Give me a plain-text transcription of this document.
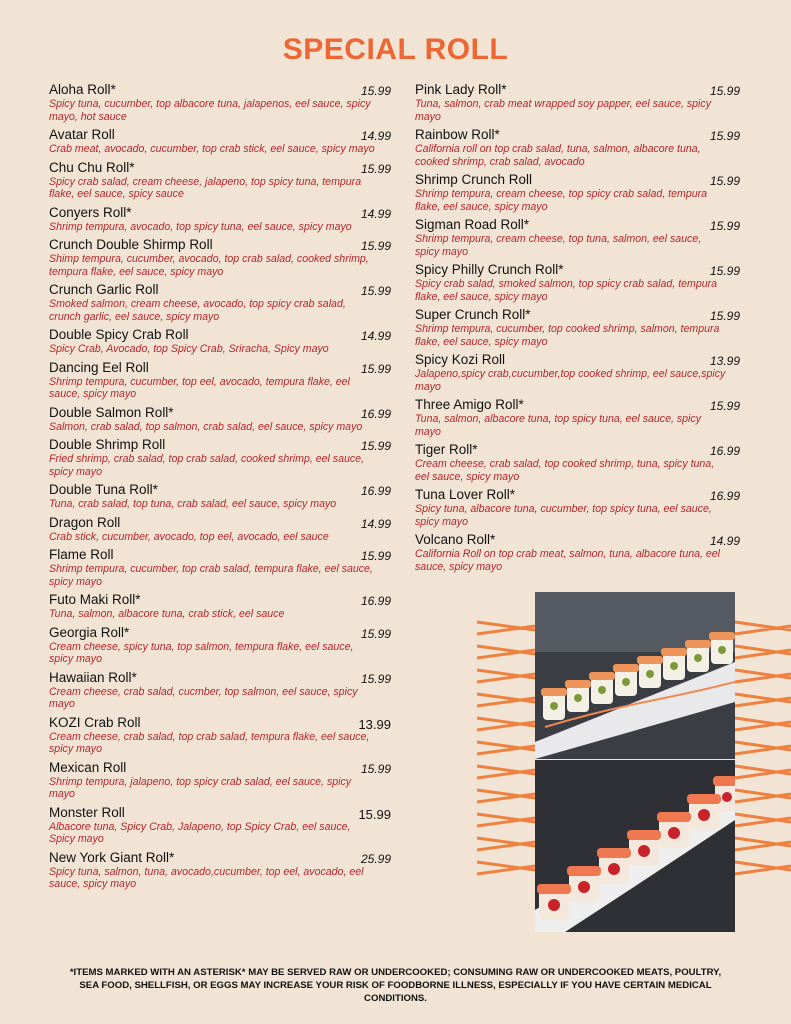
SPECIAL ROLL
Aloha Roll*	15.99
Spicy tuna, cucumber, top albacore tuna, jalapenos, eel sauce, spicy mayo, hot sauce
Avatar Roll	14.99
Crab meat, avocado, cucumber, top crab stick, eel sauce, spicy mayo
Chu Chu Roll*	15.99
Spicy crab salad, cream cheese, jalapeno, top spicy tuna, tempura flake, eel sauce, spicy sauce
Conyers Roll*	14.99
Shrimp tempura, avocado, top spicy tuna, eel sauce, spicy mayo
Crunch Double Shirmp Roll	15.99
Shimp tempura, cucumber, avocado, top crab salad, cooked shrimp, tempura flake, eel sauce, spicy mayo
Crunch Garlic Roll	15.99
Smoked salmon, cream cheese, avocado, top spicy crab salad, crunch garlic, eel sauce, spicy mayo
Double Spicy Crab Roll	14.99
Spicy Crab, Avocado, top Spicy Crab, Sriracha, Spicy mayo
Dancing Eel Roll	15.99
Shrimp tempura, cucumber, top eel, avocado, tempura flake, eel sauce, spicy mayo
Double Salmon Roll*	16.99
Salmon, crab salad, top salmon, crab salad, eel sauce, spicy mayo
Double Shrimp Roll	15.99
Fried shrimp, crab salad, top crab salad, cooked shrimp, eel sauce, spicy mayo
Double Tuna Roll*	16.99
Tuna, crab salad, top tuna, crab salad, eel sauce, spicy mayo
Dragon Roll	14.99
Crab stick, cucumber, avocado, top eel, avocado, eel sauce
Flame Roll	15.99
Shrimp tempura, cucumber, top crab salad, tempura flake, eel sauce, spicy mayo
Futo Maki Roll*	16.99
Tuna, salmon, albacore tuna, crab stick, eel sauce
Georgia Roll*	15.99
Cream cheese, spicy tuna, top salmon, tempura flake, eel sauce, spicy mayo
Hawaiian Roll*	15.99
Cream cheese, crab salad, cucmber, top salmon, eel sauce, spicy mayo
KOZI Crab Roll	13.99
Cream cheese, crab salad, top crab salad, tempura flake, eel sauce, spicy mayo
Mexican Roll	15.99
Shrimp tempura, jalapeno, top spicy crab salad, eel sauce, spicy mayo
Monster Roll	15.99
Albacore tuna, Spicy Crab, Jalapeno, top Spicy Crab, eel sauce, Spicy mayo
New York Giant Roll*	25.99
Spicy tuna, salmon, tuna, avocado,cucumber, top eel, avocado, eel sauce, spicy mayo
Pink Lady Roll*	15.99
Tuna, salmon, crab meat wrapped soy papper, eel sauce, spicy mayo
Rainbow Roll*	15.99
California roll on top crab salad, tuna, salmon, albacore tuna, cooked shrimp, crab salad, avocado
Shrimp Crunch Roll	15.99
Shrimp tempura, cream cheese, top spicy crab salad, tempura flake, eel sauce, spicy mayo
Sigman Road Roll*	15.99
Shrimp tempura, cream cheese, top tuna, salmon, eel sauce, spicy mayo
Spicy Philly Crunch Roll*	15.99
Spicy crab salad, smoked salmon, top spicy crab salad, tempura flake, eel sauce, spicy mayo
Super Crunch Roll*	15.99
Shrimp tempura, cucumber, top cooked shrimp, salmon, tempura flake, eel sauce, spicy mayo
Spicy Kozi Roll	13.99
Jalapeno,spicy crab,cucumber,top cooked shrimp, eel sauce,spicy mayo
Three Amigo Roll*	15.99
Tuna, salmon, albacore tuna, top spicy tuna, eel sauce, spicy mayo
Tiger Roll*	16.99
Cream cheese, crab salad, top cooked shrimp, tuna, spicy tuna, eel sauce, spicy mayo
Tuna Lover Roll*	16.99
Spicy tuna, albacore tuna, cucumber, top spicy tuna, eel sauce, spicy mayo
Volcano Roll*	14.99
California Roll on top crab meat, salmon, tuna, albacore tuna, eel sauce, spicy mayo
*ITEMS MARKED WITH AN ASTERISK* MAY BE SERVED RAW OR UNDERCOOKED; CONSUMING RAW OR UNDERCOOKED MEATS, POULTRY, SEA FOOD, SHELLFISH, OR EGGS MAY INCREASE YOUR RISK OF FOODBORNE ILLNESS, ESPECIALLY IF YOU HAVE CERTAIN MEDICAL CONDITIONS.
